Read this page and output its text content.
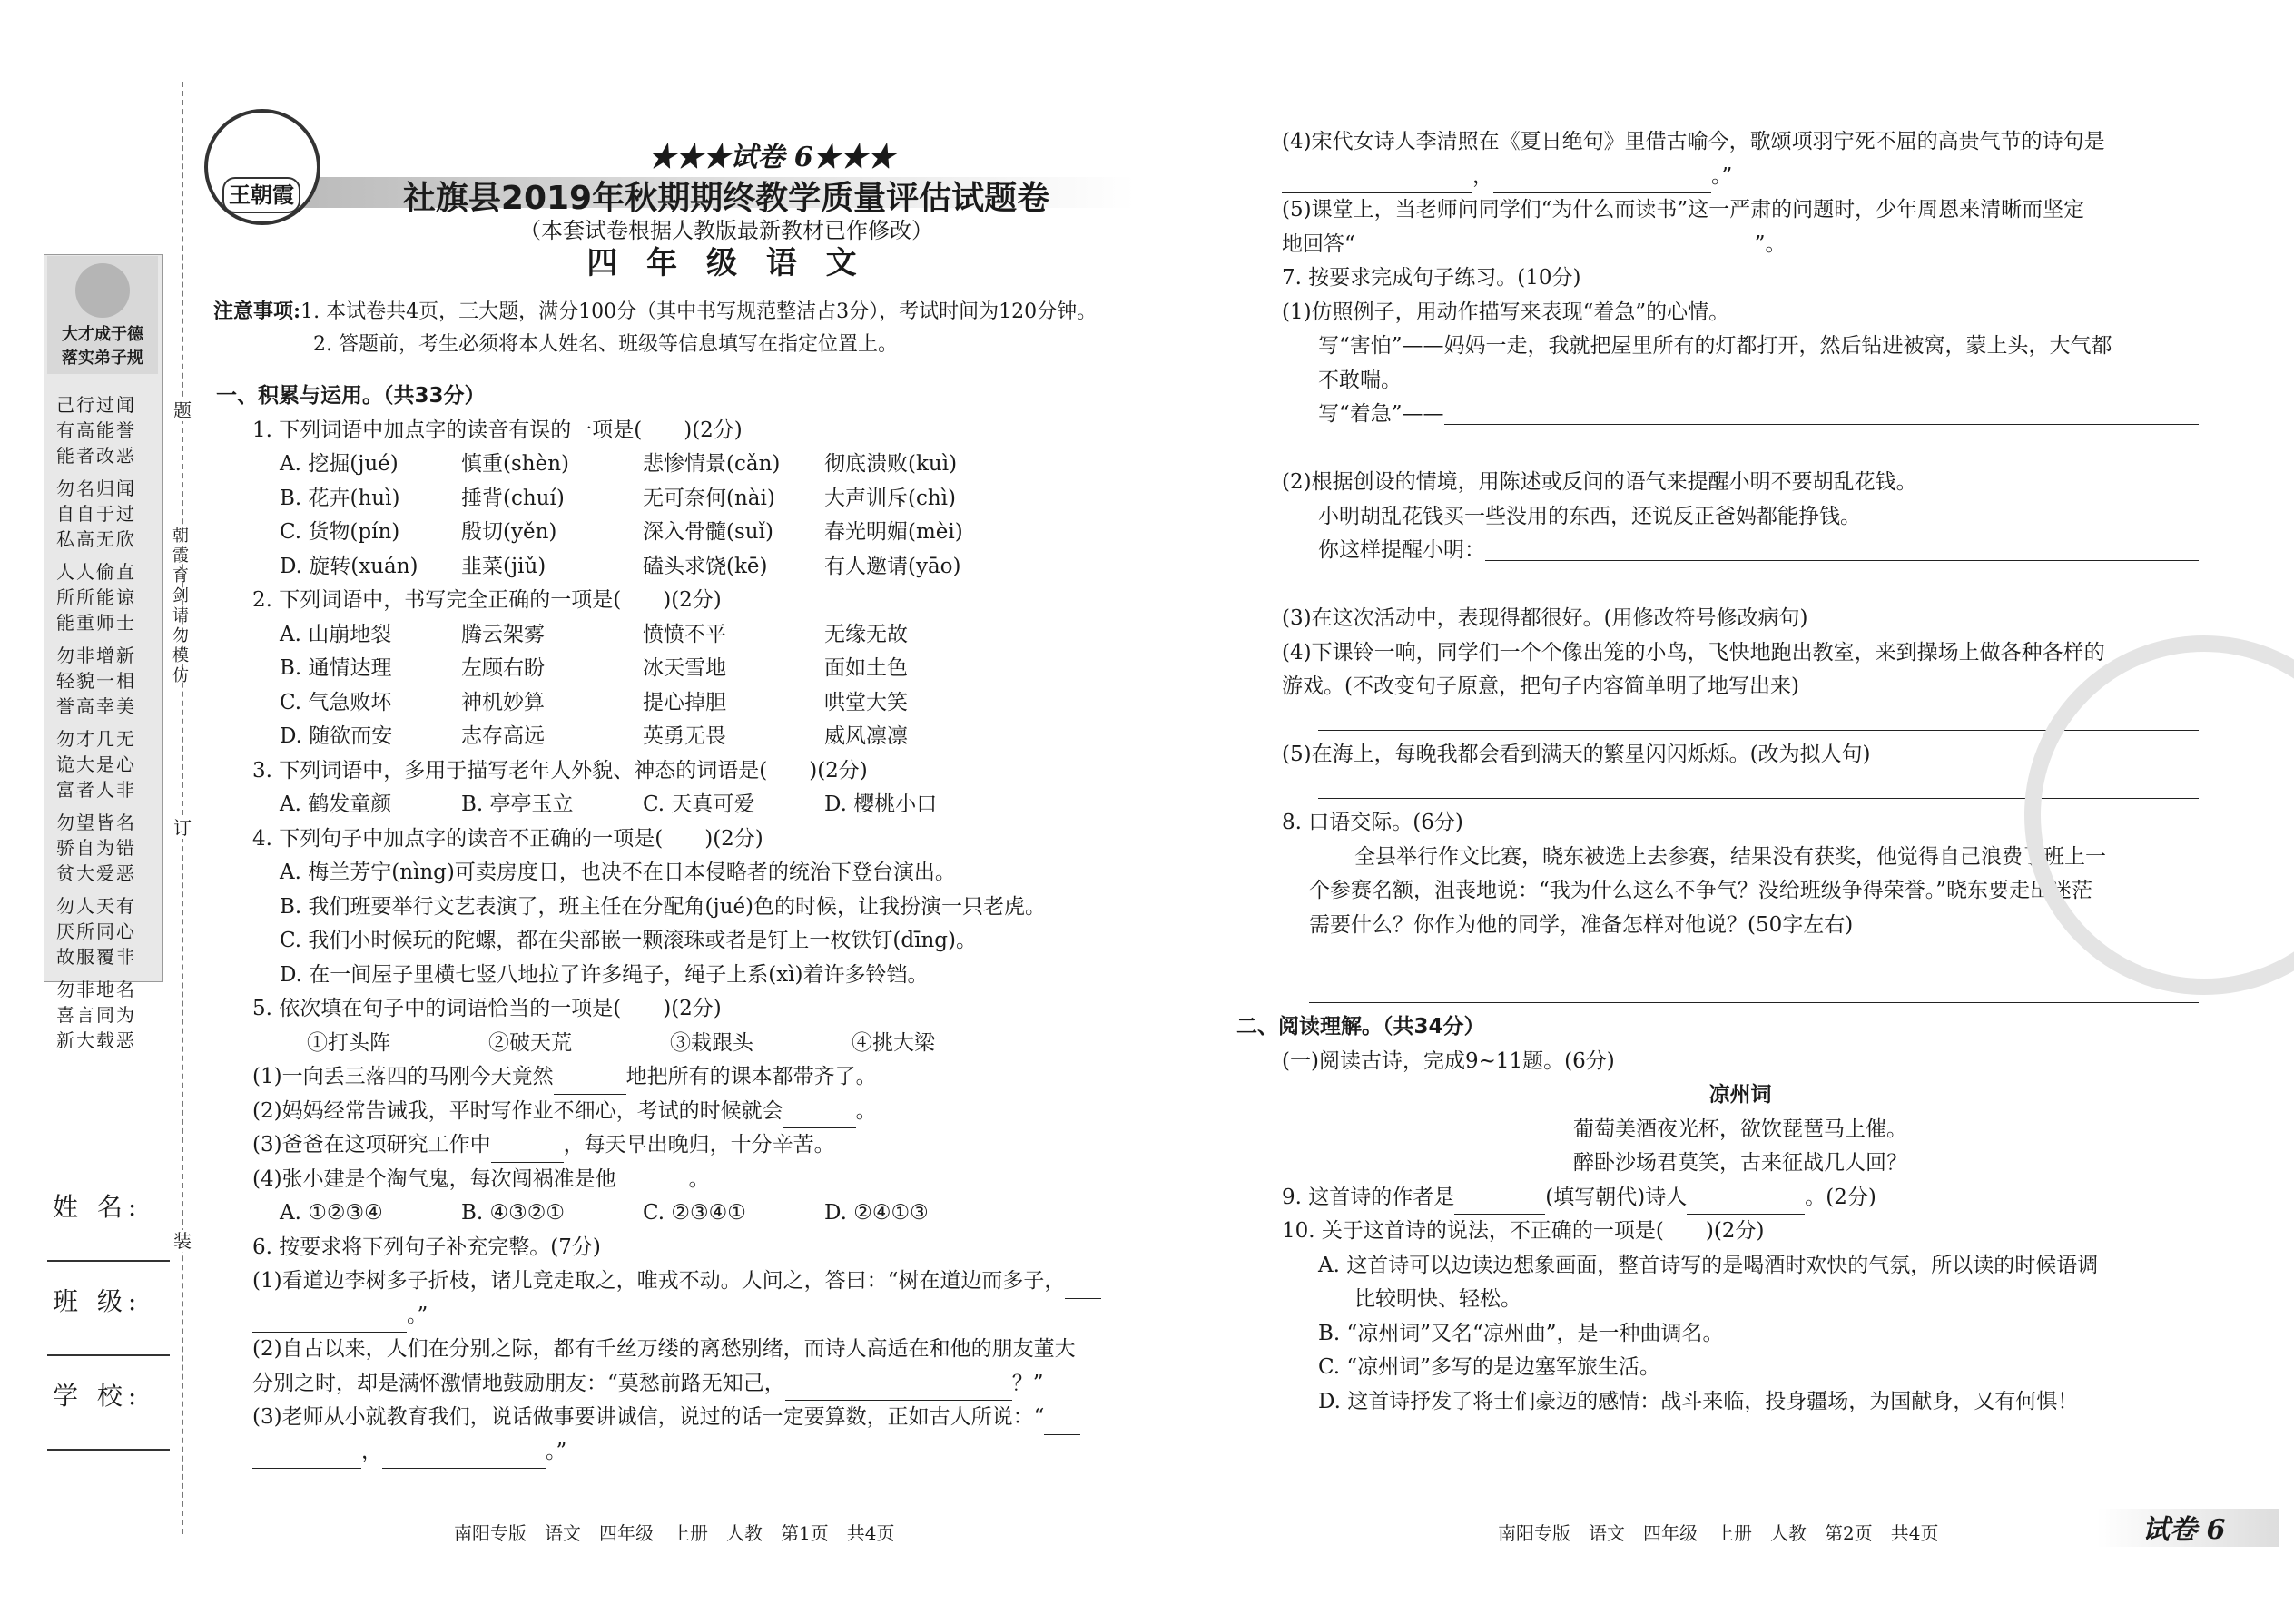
大才成于德
落实弟子规
己行过闻
有高能誉
能者改恶
勿名归闻
自自于过
私高无欣
人人偷直
所所能谅
能重师士
勿非增新
轻貌一相
誉高幸美
勿才几无
诡大是心
富者人非
勿望皆名
骄自为错
贫大爱恶
勿人天有
厌所同心
故服覆非
勿非地名
喜言同为
新大载恶
题
订
装
朝霞育剑 请勿模仿
姓 名:
班 级:
学 校:
王朝霞
★★★试卷 6★★★
社旗县2019年秋期期终教学质量评估试题卷
（本套试卷根据人教版最新教材已作修改）
四 年 级 语 文
注意事项:1. 本试卷共4页，三大题，满分100分（其中书写规范整洁占3分），考试时间为120分钟。
2. 答题前，考生必须将本人姓名、班级等信息填写在指定位置上。
一、积累与运用。（共33分）
1. 下列词语中加点字的读音有误的一项是(　　)(2分)
A. 挖掘(jué)	慎重(shèn)	悲惨情景(cǎn)	彻底溃败(kuì)
B. 花卉(huì)	捶背(chuí)	无可奈何(nài)	大声训斥(chì)
C. 货物(pín)	殷切(yěn)	深入骨髓(suǐ)	春光明媚(mèi)
D. 旋转(xuán)	韭菜(jiǔ)	磕头求饶(kē)	有人邀请(yāo)
2. 下列词语中，书写完全正确的一项是(　　)(2分)
A. 山崩地裂	腾云架雾	愤愤不平	无缘无故
B. 通情达理	左顾右盼	冰天雪地	面如土色
C. 气急败坏	神机妙算	提心掉胆	哄堂大笑
D. 随欲而安	志存高远	英勇无畏	威风凛凛
3. 下列词语中，多用于描写老年人外貌、神态的词语是(　　)(2分)
A. 鹤发童颜	B. 亭亭玉立	C. 天真可爱	D. 樱桃小口
4. 下列句子中加点字的读音不正确的一项是(　　)(2分)
A. 梅兰芳宁(nìng)可卖房度日，也决不在日本侵略者的统治下登台演出。
B. 我们班要举行文艺表演了，班主任在分配角(jué)色的时候，让我扮演一只老虎。
C. 我们小时候玩的陀螺，都在尖部嵌一颗滚珠或者是钉上一枚铁钉(dīng)。
D. 在一间屋子里横七竖八地拉了许多绳子，绳子上系(xì)着许多铃铛。
5. 依次填在句子中的词语恰当的一项是(　　)(2分)
①打头阵	②破天荒	③栽跟头	④挑大梁
(1)一向丢三落四的马刚今天竟然	地把所有的课本都带齐了。
(2)妈妈经常告诫我，平时写作业不细心，考试的时候就会	。
(3)爸爸在这项研究工作中	，每天早出晚归，十分辛苦。
(4)张小建是个淘气鬼，每次闯祸准是他	。
A. ①②③④	B. ④③②①	C. ②③④①	D. ②④①③
6. 按要求将下列句子补充完整。(7分)
(1)看道边李树多子折枝，诸儿竞走取之，唯戎不动。人问之，答曰：“树在道边而多子，
。”
(2)自古以来，人们在分别之际，都有千丝万缕的离愁别绪，而诗人高适在和他的朋友董大
分别之时，却是满怀激情地鼓励朋友：“莫愁前路无知己，	？”
(3)老师从小就教育我们，说话做事要讲诚信，说过的话一定要算数，正如古人所说：“
，	。”
(4)宋代女诗人李清照在《夏日绝句》里借古喻今，歌颂项羽宁死不屈的高贵气节的诗句是
，	。”
(5)课堂上，当老师问同学们“为什么而读书”这一严肃的问题时，少年周恩来清晰而坚定
地回答“	”。
7. 按要求完成句子练习。(10分)
(1)仿照例子，用动作描写来表现“着急”的心情。
写“害怕”——妈妈一走，我就把屋里所有的灯都打开，然后钻进被窝，蒙上头，大气都
不敢喘。
写“着急”——
(2)根据创设的情境，用陈述或反问的语气来提醒小明不要胡乱花钱。
小明胡乱花钱买一些没用的东西，还说反正爸妈都能挣钱。
你这样提醒小明：
(3)在这次活动中，表现得都很好。(用修改符号修改病句)
(4)下课铃一响，同学们一个个像出笼的小鸟，飞快地跑出教室，来到操场上做各种各样的
游戏。(不改变句子原意，把句子内容简单明了地写出来)
(5)在海上，每晚我都会看到满天的繁星闪闪烁烁。(改为拟人句)
8. 口语交际。(6分)
全县举行作文比赛，晓东被选上去参赛，结果没有获奖，他觉得自己浪费了班上一
个参赛名额，沮丧地说：“我为什么这么不争气？没给班级争得荣誉。”晓东要走出迷茫
需要什么？你作为他的同学，准备怎样对他说？(50字左右)
二、阅读理解。（共34分）
(一)阅读古诗，完成9~11题。(6分)
凉州词
葡萄美酒夜光杯，欲饮琵琶马上催。
醉卧沙场君莫笑，古来征战几人回？
9. 这首诗的作者是	(填写朝代)诗人	。(2分)
10. 关于这首诗的说法，不正确的一项是(　　)(2分)
A. 这首诗可以边读边想象画面，整首诗写的是喝酒时欢快的气氛，所以读的时候语调
比较明快、轻松。
B. “凉州词”又名“凉州曲”，是一种曲调名。
C. “凉州词”多写的是边塞军旅生活。
D. 这首诗抒发了将士们豪迈的感情：战斗来临，投身疆场，为国献身，又有何惧！
南阳专版　语文　四年级　上册　人教　第1页　共4页	南阳专版　语文　四年级　上册　人教　第2页　共4页	试卷 6
